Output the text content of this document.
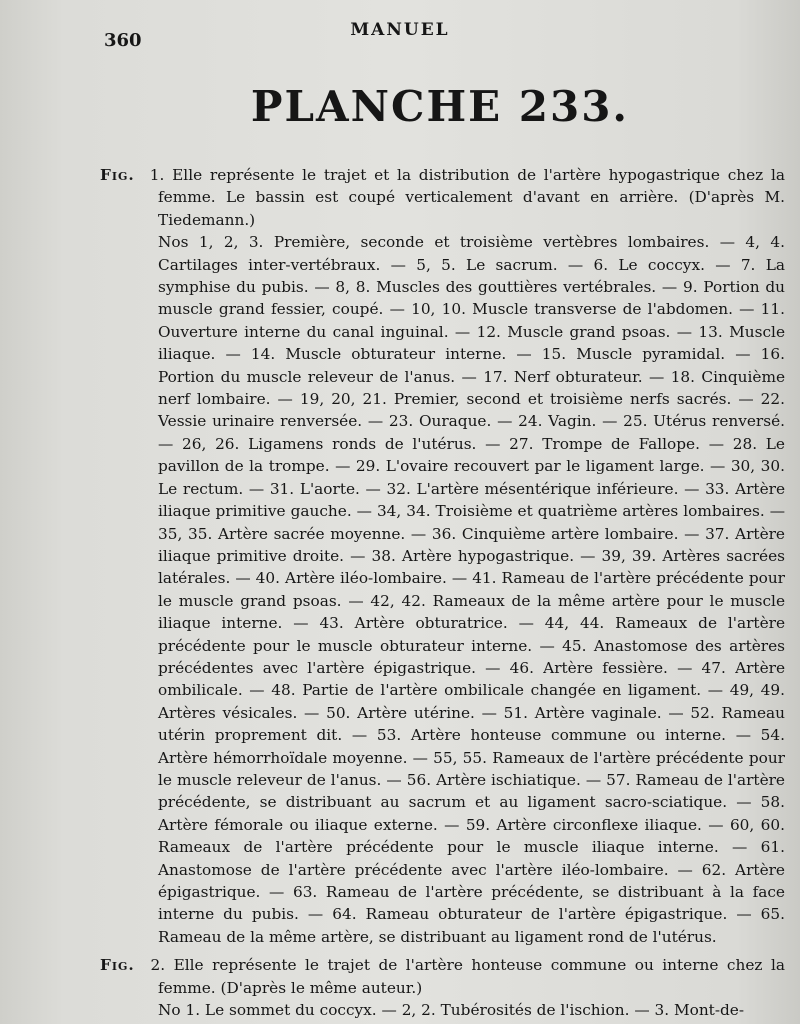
360	MANUEL
PLANCHE 233.
Fig. 1. Elle représente le trajet et la distribution de l'artère hypogastrique chez la femme. Le bassin est coupé verticalement d'avant en arrière. (D'après M. Tiedemann.)
Nos 1, 2, 3. Première, seconde et troisième vertèbres lombaires. — 4, 4. Cartilages inter-vertébraux. — 5, 5. Le sacrum. — 6. Le coccyx. — 7. La symphise du pubis. — 8, 8. Muscles des gouttières vertébrales. — 9. Portion du muscle grand fessier, coupé. — 10, 10. Muscle transverse de l'abdomen. — 11. Ouverture interne du canal inguinal. — 12. Muscle grand psoas. — 13. Muscle iliaque. — 14. Muscle obturateur interne. — 15. Muscle pyramidal. — 16. Portion du muscle releveur de l'anus. — 17. Nerf obturateur. — 18. Cinquième nerf lombaire. — 19, 20, 21. Premier, second et troisième nerfs sacrés. — 22. Vessie urinaire renversée. — 23. Ouraque. — 24. Vagin. — 25. Utérus renversé. — 26, 26. Ligamens ronds de l'utérus. — 27. Trompe de Fallope. — 28. Le pavillon de la trompe. — 29. L'ovaire recouvert par le ligament large. — 30, 30. Le rectum. — 31. L'aorte. — 32. L'artère mésentérique inférieure. — 33. Artère iliaque primitive gauche. — 34, 34. Troisième et quatrième artères lombaires. — 35, 35. Artère sacrée moyenne. — 36. Cinquième artère lombaire. — 37. Artère iliaque primitive droite. — 38. Artère hypogastrique. — 39, 39. Artères sacrées latérales. — 40. Artère iléo-lombaire. — 41. Rameau de l'artère précédente pour le muscle grand psoas. — 42, 42. Rameaux de la même artère pour le muscle iliaque interne. — 43. Artère obturatrice. — 44, 44. Rameaux de l'artère précédente pour le muscle obturateur interne. — 45. Anastomose des artères précédentes avec l'artère épigastrique. — 46. Artère fessière. — 47. Artère ombilicale. — 48. Partie de l'artère ombilicale changée en ligament. — 49, 49. Artères vésicales. — 50. Artère utérine. — 51. Artère vaginale. — 52. Rameau utérin proprement dit. — 53. Artère honteuse commune ou interne. — 54. Artère hémorrhoïdale moyenne. — 55, 55. Rameaux de l'artère précédente pour le muscle releveur de l'anus. — 56. Artère ischiatique. — 57. Rameau de l'artère précédente, se distribuant au sacrum et au ligament sacro-sciatique. — 58. Artère fémorale ou iliaque externe. — 59. Artère circonflexe iliaque. — 60, 60. Rameaux de l'artère précédente pour le muscle iliaque interne. — 61. Anastomose de l'artère précédente avec l'artère iléo-lombaire. — 62. Artère épigastrique. — 63. Rameau de l'artère précédente, se distribuant à la face interne du pubis. — 64. Rameau obturateur de l'artère épigastrique. — 65. Rameau de la même artère, se distribuant au ligament rond de l'utérus.
Fig. 2. Elle représente le trajet de l'artère honteuse commune ou interne chez la femme. (D'après le même auteur.)
No 1. Le sommet du coccyx. — 2, 2. Tubérosités de l'ischion. — 3. Mont-de-
